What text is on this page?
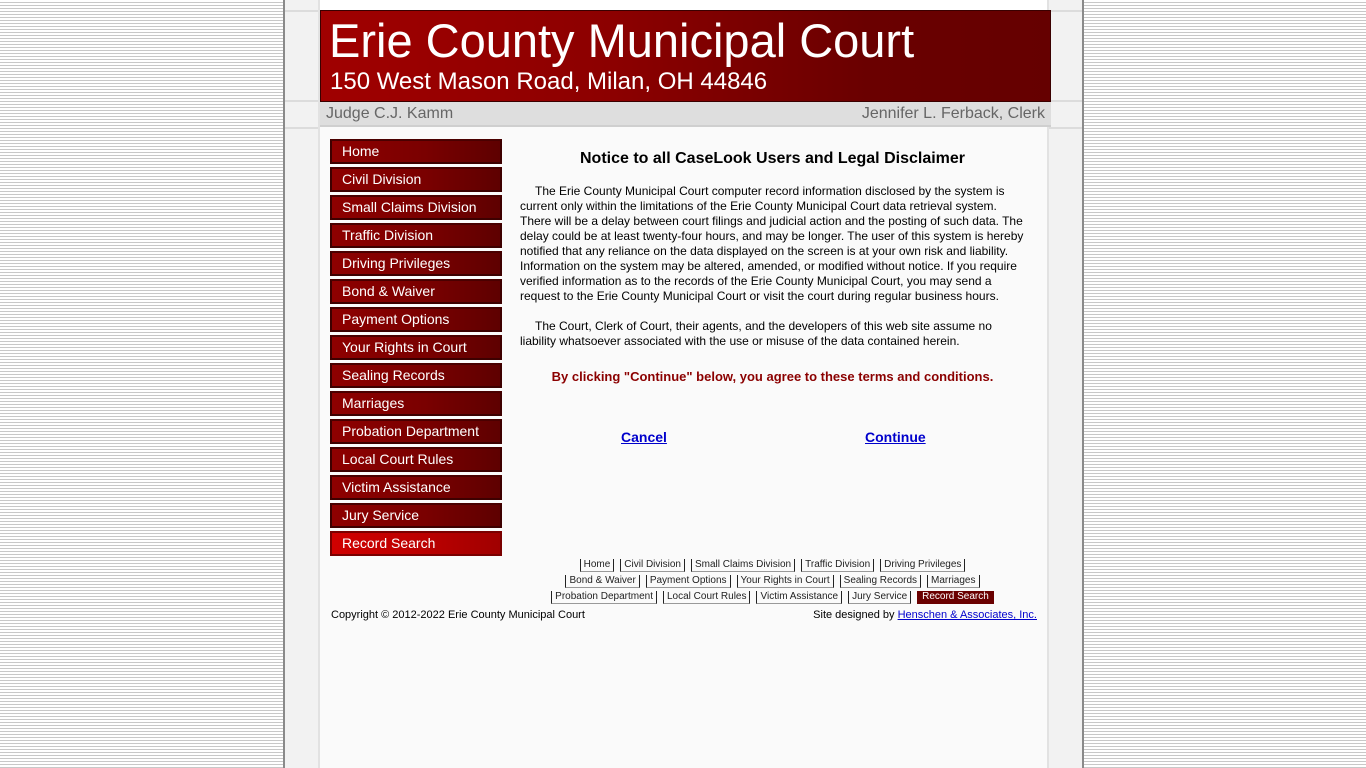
Erie County Municipal Court
150 West Mason Road, Milan, OH 44846
Judge C.J. Kamm	Jennifer L. Ferback, Clerk
Home
Civil Division
Small Claims Division
Traffic Division
Driving Privileges
Bond & Waiver
Payment Options
Your Rights in Court
Sealing Records
Marriages
Probation Department
Local Court Rules
Victim Assistance
Jury Service
Record Search
Notice to all CaseLook Users and Legal Disclaimer

The Erie County Municipal Court computer record information disclosed by the system is current only within the limitations of the Erie County Municipal Court data retrieval system. There will be a delay between court filings and judicial action and the posting of such data. The delay could be at least twenty-four hours, and may be longer. The user of this system is hereby notified that any reliance on the data displayed on the screen is at your own risk and liability. Information on the system may be altered, amended, or modified without notice. If you require verified information as to the records of the Erie County Municipal Court, you may send a request to the Erie County Municipal Court or visit the court during regular business hours.

The Court, Clerk of Court, their agents, and the developers of this web site assume no liability whatsoever associated with the use or misuse of the data contained herein.

By clicking "Continue" below, you agree to these terms and conditions.
Cancel	Continue
Home Civil Division Small Claims Division Traffic Division Driving Privileges
Bond & Waiver Payment Options Your Rights in Court Sealing Records Marriages
Probation Department Local Court Rules Victim Assistance Jury Service Record Search
Copyright © 2012-2022 Erie County Municipal Court	Site designed by Henschen & Associates, Inc.
